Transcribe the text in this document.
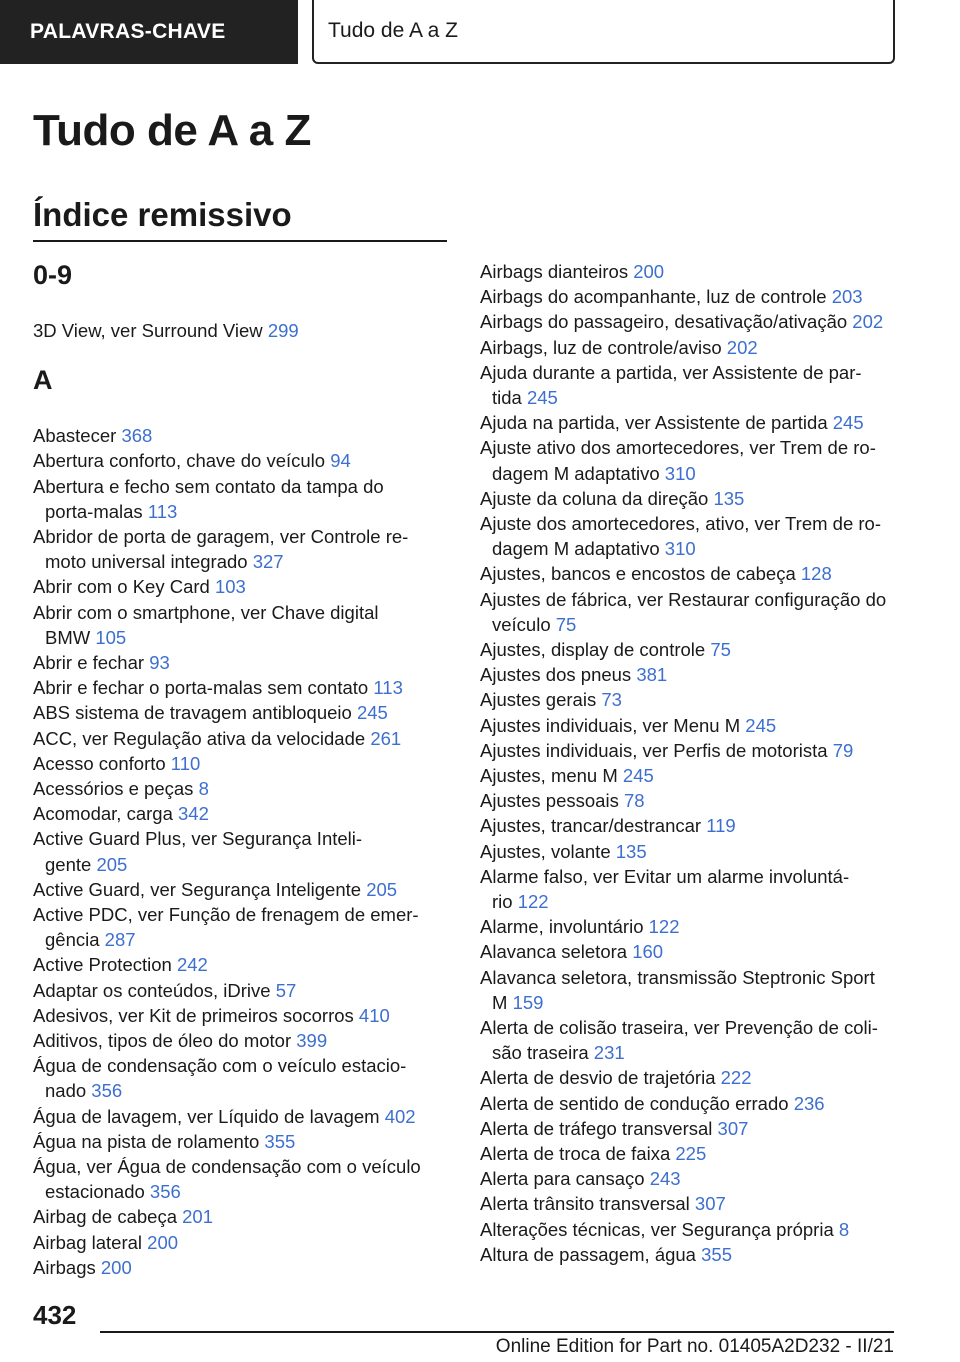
PALAVRAS-CHAVE	Tudo de A a Z
Tudo de A a Z
Índice remissivo
0-9
3D View, ver Surround View 299
A
Abastecer 368
Abertura conforto, chave do veículo 94
Abertura e fecho sem contato da tampa do
porta-malas 113
Abridor de porta de garagem, ver Controle re-
moto universal integrado 327
Abrir com o Key Card 103
Abrir com o smartphone, ver Chave digital
BMW 105
Abrir e fechar 93
Abrir e fechar o porta-malas sem contato 113
ABS sistema de travagem antibloqueio 245
ACC, ver Regulação ativa da velocidade 261
Acesso conforto 110
Acessórios e peças 8
Acomodar, carga 342
Active Guard Plus, ver Segurança Inteli-
gente 205
Active Guard, ver Segurança Inteligente 205
Active PDC, ver Função de frenagem de emer-
gência 287
Active Protection 242
Adaptar os conteúdos, iDrive 57
Adesivos, ver Kit de primeiros socorros 410
Aditivos, tipos de óleo do motor 399
Água de condensação com o veículo estacio-
nado 356
Água de lavagem, ver Líquido de lavagem 402
Água na pista de rolamento 355
Água, ver Água de condensação com o veículo
estacionado 356
Airbag de cabeça 201
Airbag lateral 200
Airbags 200
Airbags dianteiros 200
Airbags do acompanhante, luz de controle 203
Airbags do passageiro, desativação/ativação 202
Airbags, luz de controle/aviso 202
Ajuda durante a partida, ver Assistente de par-
tida 245
Ajuda na partida, ver Assistente de partida 245
Ajuste ativo dos amortecedores, ver Trem de ro-
dagem M adaptativo 310
Ajuste da coluna da direção 135
Ajuste dos amortecedores, ativo, ver Trem de ro-
dagem M adaptativo 310
Ajustes, bancos e encostos de cabeça 128
Ajustes de fábrica, ver Restaurar configuração do
veículo 75
Ajustes, display de controle 75
Ajustes dos pneus 381
Ajustes gerais 73
Ajustes individuais, ver Menu M 245
Ajustes individuais, ver Perfis de motorista 79
Ajustes, menu M 245
Ajustes pessoais 78
Ajustes, trancar/destrancar 119
Ajustes, volante 135
Alarme falso, ver Evitar um alarme involuntá-
rio 122
Alarme, involuntário 122
Alavanca seletora 160
Alavanca seletora, transmissão Steptronic Sport
M 159
Alerta de colisão traseira, ver Prevenção de coli-
são traseira 231
Alerta de desvio de trajetória 222
Alerta de sentido de condução errado 236
Alerta de tráfego transversal 307
Alerta de troca de faixa 225
Alerta para cansaço 243
Alerta trânsito transversal 307
Alterações técnicas, ver Segurança própria 8
Altura de passagem, água 355
432
Online Edition for Part no. 01405A2D232 - II/21
